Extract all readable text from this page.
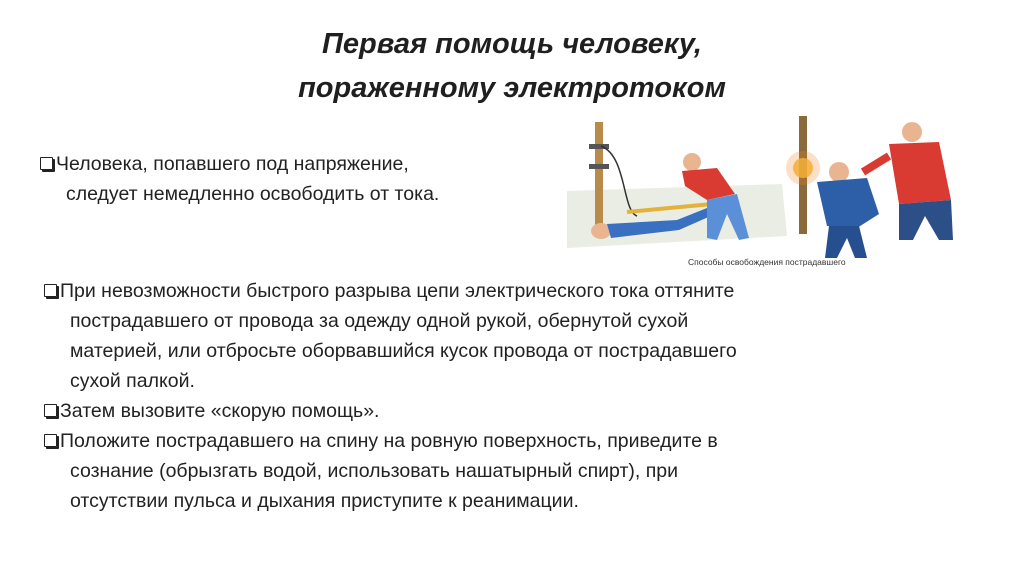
Первая помощь человеку,
пораженному электротоком
Человека, попавшего под напряжение,
следует немедленно освободить от тока.
Способы освобождения пострадавшего
При невозможности быстрого разрыва цепи электрического тока оттяните
пострадавшего от провода за одежду одной рукой, обернутой сухой
материей, или отбросьте оборвавшийся кусок провода от пострадавшего
сухой палкой.
Затем вызовите «скорую помощь».
Положите пострадавшего на спину на ровную поверхность, приведите в
сознание (обрызгать водой, использовать нашатырный спирт), при
отсутствии пульса и дыхания приступите к реанимации.
